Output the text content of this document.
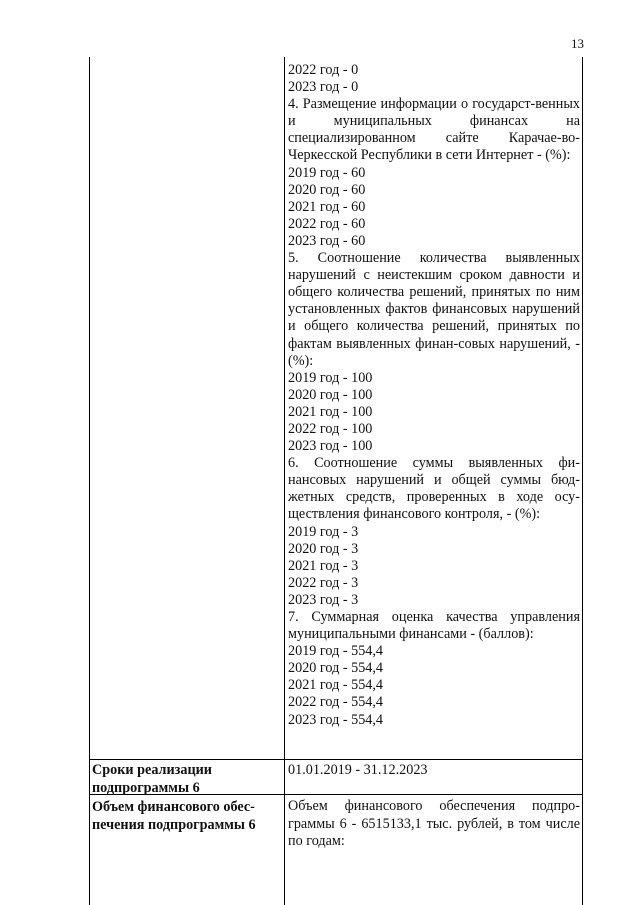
13

2022 год - 0

2023 год - 0

4. Размещение информации о государст-венных и муниципальных финансах на специализированном сайте Карачае-во-Черкесской Республики в сети Интернет - (%):

2019 год - 60

2020 год - 60

2021 год - 60

2022 год - 60

2023 год - 60

5. Соотношение количества выявленных нарушений с неистекшим сроком давности и общего количества решений, принятых по ним установленных фактов финансовых нарушений и общего количества решений, принятых по фактам выявленных финан-совых нарушений, - (%):

2019 год - 100

2020 год - 100

2021 год - 100

2022 год - 100

2023 год - 100

6. Соотношение суммы выявленных фи-нансовых нарушений и общей суммы бюд-жетных средств, проверенных в ходе осу-ществления финансового контроля, - (%):

2019 год - 3

2020 год - 3

2021 год - 3

2022 год - 3

2023 год - 3

7. Суммарная оценка качества управления муниципальными финансами - (баллов):

2019 год - 554,4

2020 год - 554,4

2021 год - 554,4

2022 год - 554,4

2023 год - 554,4

Сроки реализации подпрограммы 6
01.01.2019 - 31.12.2023
Объем финансового обес-печения подпрограммы 6
Объем финансового обеспечения подпро-граммы 6 - 6515133,1 тыс. рублей, в том числе по годам:
